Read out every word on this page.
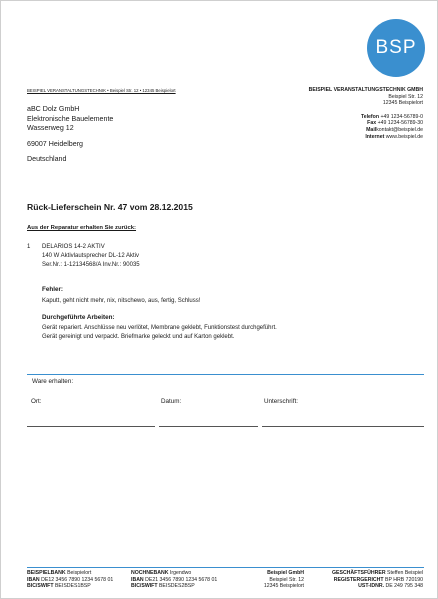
BSP
BEISPIEL VERANSTALTUNGSTECHNIK • Beispiel Str. 12 • 12345 Beispielort	BEISPIEL VERANSTALTUNGSTECHNIK GMBH
Beispiel Str. 12
12345 Beispielort
Telefon +49 1234-56789-0
Fax +49 1234-56789-30
Mailkontakt@beispiel.de
Internet www.beispiel.de
aBC Dolz GmbH
Elektronische Bauelemente
Wasserweg 12
69007 Heidelberg
Deutschland
Rück-Lieferschein Nr. 47 vom 28.12.2015
Aus der Reparatur erhalten Sie zurück:
1 DELARIOS 14-2 AKTIV
140 W Aktivlautsprecher DL-12 Aktiv
Ser.Nr.: 1-12134568/A Inv.Nr.: 90035
Fehler:
Kaputt, geht nicht mehr, nix, nitschewo, aus, fertig, Schluss!
Durchgeführte Arbeiten:
Gerät repariert. Anschlüsse neu verlötet, Membrane geklebt, Funktionstest durchgeführt.
Gerät gereinigt und verpackt. Briefmarke geleckt und auf Karton geklebt.
Ware erhalten:
Ort:	Datum:	Unterschrift:
BEISPIELBANK Beispielort
IBAN DE12 3456 7890 1234 5678 01
BIC/SWIFT BEISDES1BSP
NOCHNEBANK Irgendwo
IBAN DE21 3456 7890 1234 5678 01
BIC/SWIFT BEISDES2BSP
Beispiel GmbH
Beispiel Str. 12
12345 Beispielort
GESCHÄFTSFÜHRER Steffen Beispiel
REGISTERGERICHT BP HRB 720190
UST-IDNR. DE 249 795 348
